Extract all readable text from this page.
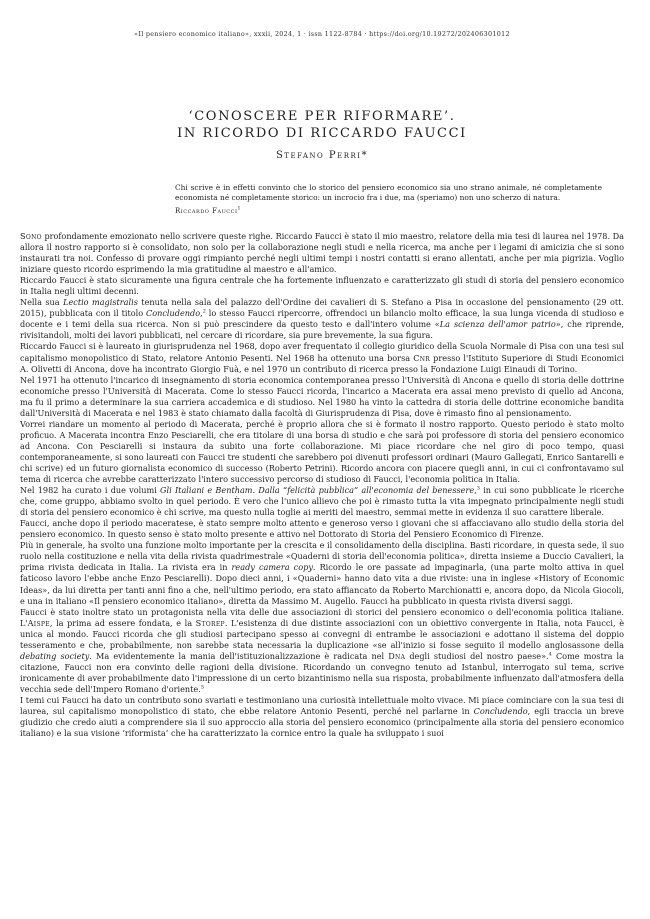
«Il pensiero economico italiano», xxxii, 2024, 1 · issn 1122-8784 · https://doi.org/10.19272/202406301012
‘CONOSCERE PER RIFORMARE’.
IN RICORDO DI RICCARDO FAUCCI
Stefano Perri*
Chi scrive è in effetti convinto che lo storico del pensiero economico sia uno strano animale, né completamente economista né completamente storico: un incrocio fra i due, ma (speriamo) non uno scherzo di natura.
Riccardo Faucci$^1$

Sono profondamente emozionato nello scrivere queste righe. Riccardo Faucci è stato il mio maestro, relatore della mia tesi di laurea nel 1978. Da allora il nostro rapporto si è consolidato, non solo per la collaborazione negli studi e nella ricerca, ma anche per i legami di amicizia che si sono instaurati tra noi. Confesso di provare oggi rimpianto perché negli ultimi tempi i nostri contatti si erano allentati, anche per mia pigrizia. Voglio iniziare questo ricordo esprimendo la mia gratitudine al maestro e all'amico.

Riccardo Faucci è stato sicuramente una figura centrale che ha fortemente influenzato e caratterizzato gli studi di storia del pensiero economico in Italia negli ultimi decenni.

Nella sua Lectio magistralis tenuta nella sala del palazzo dell'Ordine dei cavalieri di S. Stefano a Pisa in occasione del pensionamento (29 ott. 2015), pubblicata con il titolo Concludendo,$^2$ lo stesso Faucci ripercorre, offrendoci un bilancio molto efficace, la sua lunga vicenda di studioso e docente e i temi della sua ricerca. Non si può prescindere da questo testo e dall'intero volume «La scienza dell'amor patrio», che riprende, rivisitandoli, molti dei lavori pubblicati, nel cercare di ricordare, sia pure brevemente, la sua figura.

Riccardo Faucci si è laureato in giurisprudenza nel 1968, dopo aver frequentato il collegio giuridico della Scuola Normale di Pisa con una tesi sul capitalismo monopolistico di Stato, relatore Antonio Pesenti. Nel 1968 ha ottenuto una borsa Cnr presso l'Istituto Superiore di Studi Economici A. Olivetti di Ancona, dove ha incontrato Giorgio Fuà, e nel 1970 un contributo di ricerca presso la Fondazione Luigi Einaudi di Torino.

Nel 1971 ha ottenuto l'incarico di insegnamento di storia economica contemporanea presso l'Università di Ancona e quello di storia delle dottrine economiche presso l'Università di Macerata. Come lo stesso Faucci ricorda, l'incarico a Macerata era assai meno previsto di quello ad Ancona, ma fu il primo a determinare la sua carriera accademica e di studioso. Nel 1980 ha vinto la cattedra di storia delle dottrine economiche bandita dall'Università di Macerata e nel 1983 è stato chiamato dalla facoltà di Giurisprudenza di Pisa, dove è rimasto fino al pensionamento.

Vorrei riandare un momento al periodo di Macerata, perché è proprio allora che si è formato il nostro rapporto. Questo periodo è stato molto proficuo. A Macerata incontra Enzo Pesciarelli, che era titolare di una borsa di studio e che sarà poi professore di storia del pensiero economico ad Ancona. Con Pesciarelli si instaura da subito una forte collaborazione. Mi piace ricordare che nel giro di poco tempo, quasi contemporaneamente, si sono laureati con Faucci tre studenti che sarebbero poi divenuti professori ordinari (Mauro Gallegati, Enrico Santarelli e chi scrive) ed un futuro giornalista economico di successo (Roberto Petrini). Ricordo ancora con piacere quegli anni, in cui ci confrontavamo sul tema di ricerca che avrebbe caratterizzato l'intero successivo percorso di studioso di Faucci, l'economia politica in Italia.

Nel 1982 ha curato i due volumi Gli Italiani e Bentham. Dalla “felicità pubblica” all'economia del benessere,$^3$ in cui sono pubblicate le ricerche che, come gruppo, abbiamo svolto in quel periodo. È vero che l'unico allievo che poi è rimasto tutta la vita impegnato principalmente negli studi di storia del pensiero economico è chi scrive, ma questo nulla toglie ai meriti del maestro, semmai mette in evidenza il suo carattere liberale.

Faucci, anche dopo il periodo maceratese, è stato sempre molto attento e generoso verso i giovani che si affacciavano allo studio della storia del pensiero economico. In questo senso è stato molto presente e attivo nel Dottorato di Storia del Pensiero Economico di Firenze.

Più in generale, ha svolto una funzione molto importante per la crescita e il consolidamento della disciplina. Basti ricordare, in questa sede, il suo ruolo nella costituzione e nella vita della rivista quadrimestrale «Quaderni di storia dell'economia politica», diretta insieme a Duccio Cavalieri, la prima rivista dedicata in Italia. La rivista era in ready camera copy. Ricordo le ore passate ad impaginarla, (una parte molto attiva in quel faticoso lavoro l'ebbe anche Enzo Pesciarelli). Dopo dieci anni, i «Quaderni» hanno dato vita a due riviste: una in inglese «History of Economic Ideas», da lui diretta per tanti anni fino a che, nell'ultimo periodo, era stato affiancato da Roberto Marchionatti e, ancora dopo, da Nicola Giocoli, e una in italiano «Il pensiero economico italiano», diretta da Massimo M. Augello. Faucci ha pubblicato in questa rivista diversi saggi.

Faucci è stato inoltre stato un protagonista nella vita delle due associazioni di storici del pensiero economico o dell'economia politica italiane. L'Aispe, la prima ad essere fondata, e la Storep. L'esistenza di due distinte associazioni con un obiettivo convergente in Italia, nota Faucci, è unica al mondo. Faucci ricorda che gli studiosi partecipano spesso ai convegni di entrambe le associazioni e adottano il sistema del doppio tesseramento e che, probabilmente, non sarebbe stata necessaria la duplicazione «se all'inizio si fosse seguito il modello anglosassone della debating society. Ma evidentemente la mania dell'istituzionalizzazione è radicata nel Dna degli studiosi del nostro paese».$^4$ Come mostra la citazione, Faucci non era convinto delle ragioni della divisione. Ricordando un convegno tenuto ad Istanbul, interrogato sul tema, scrive ironicamente di aver probabilmente dato l'impressione di un certo bizantinismo nella sua risposta, probabilmente influenzato dall'atmosfera della vecchia sede dell'Impero Romano d'oriente.$^5$

I temi cui Faucci ha dato un contributo sono svariati e testimoniano una curiosità intellettuale molto vivace. Mi piace cominciare con la sua tesi di laurea, sul capitalismo monopolistico di stato, che ebbe relatore Antonio Pesenti, perché nel parlarne in Concludendo, egli traccia un breve giudizio che credo aiuti a comprendere sia il suo approccio alla storia del pensiero economico (principalmente alla storia del pensiero economico italiano) e la sua visione ‘riformista’ che ha caratterizzato la cornice entro la quale ha sviluppato i suoi
